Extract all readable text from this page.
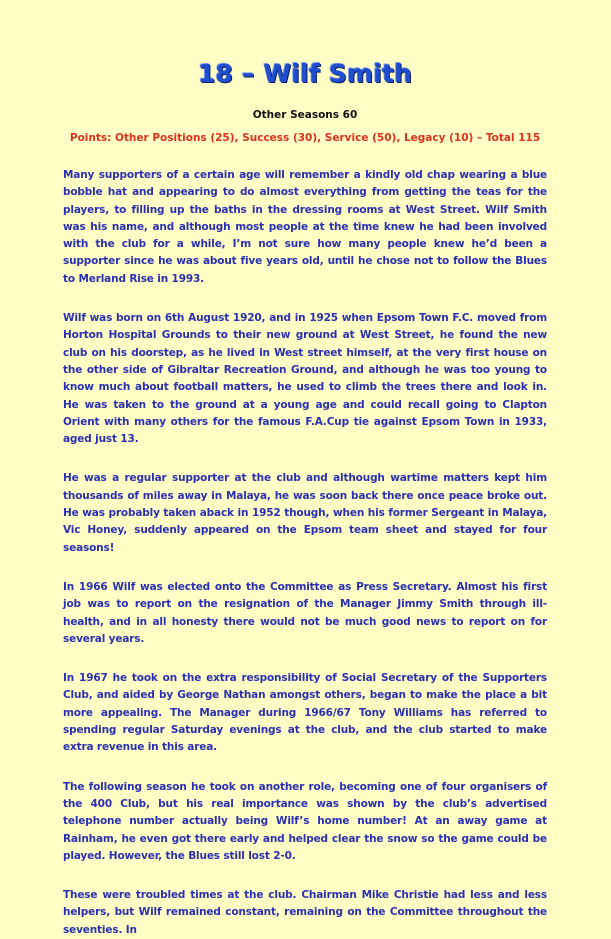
18 – Wilf Smith
Other Seasons 60
Points: Other Positions (25), Success (30), Service (50), Legacy (10) – Total 115

Many supporters of a certain age will remember a kindly old chap wearing a blue bobble hat and appearing to do almost everything from getting the teas for the players, to filling up the baths in the dressing rooms at West Street. Wilf Smith was his name, and although most people at the time knew he had been involved with the club for a while, I’m not sure how many people knew he’d been a supporter since he was about five years old, until he chose not to follow the Blues to Merland Rise in 1993.

Wilf was born on 6th August 1920, and in 1925 when Epsom Town F.C. moved from Horton Hospital Grounds to their new ground at West Street, he found the new club on his doorstep, as he lived in West street himself, at the very first house on the other side of Gibraltar Recreation Ground, and although he was too young to know much about football matters, he used to climb the trees there and look in. He was taken to the ground at a young age and could recall going to Clapton Orient with many others for the famous F.A.Cup tie against Epsom Town in 1933, aged just 13.

He was a regular supporter at the club and although wartime matters kept him thousands of miles away in Malaya, he was soon back there once peace broke out. He was probably taken aback in 1952 though, when his former Sergeant in Malaya, Vic Honey, suddenly appeared on the Epsom team sheet and stayed for four seasons!

In 1966 Wilf was elected onto the Committee as Press Secretary. Almost his first job was to report on the resignation of the Manager Jimmy Smith through ill-health, and in all honesty there would not be much good news to report on for several years.

In 1967 he took on the extra responsibility of Social Secretary of the Supporters Club, and aided by George Nathan amongst others, began to make the place a bit more appealing. The Manager during 1966/67 Tony Williams has referred to spending regular Saturday evenings at the club, and the club started to make extra revenue in this area.

The following season he took on another role, becoming one of four organisers of the 400 Club, but his real importance was shown by the club’s advertised telephone number actually being Wilf’s home number! At an away game at Rainham, he even got there early and helped clear the snow so the game could be played. However, the Blues still lost 2-0.

These were troubled times at the club. Chairman Mike Christie had less and less helpers, but Wilf remained constant, remaining on the Committee throughout the seventies. In
